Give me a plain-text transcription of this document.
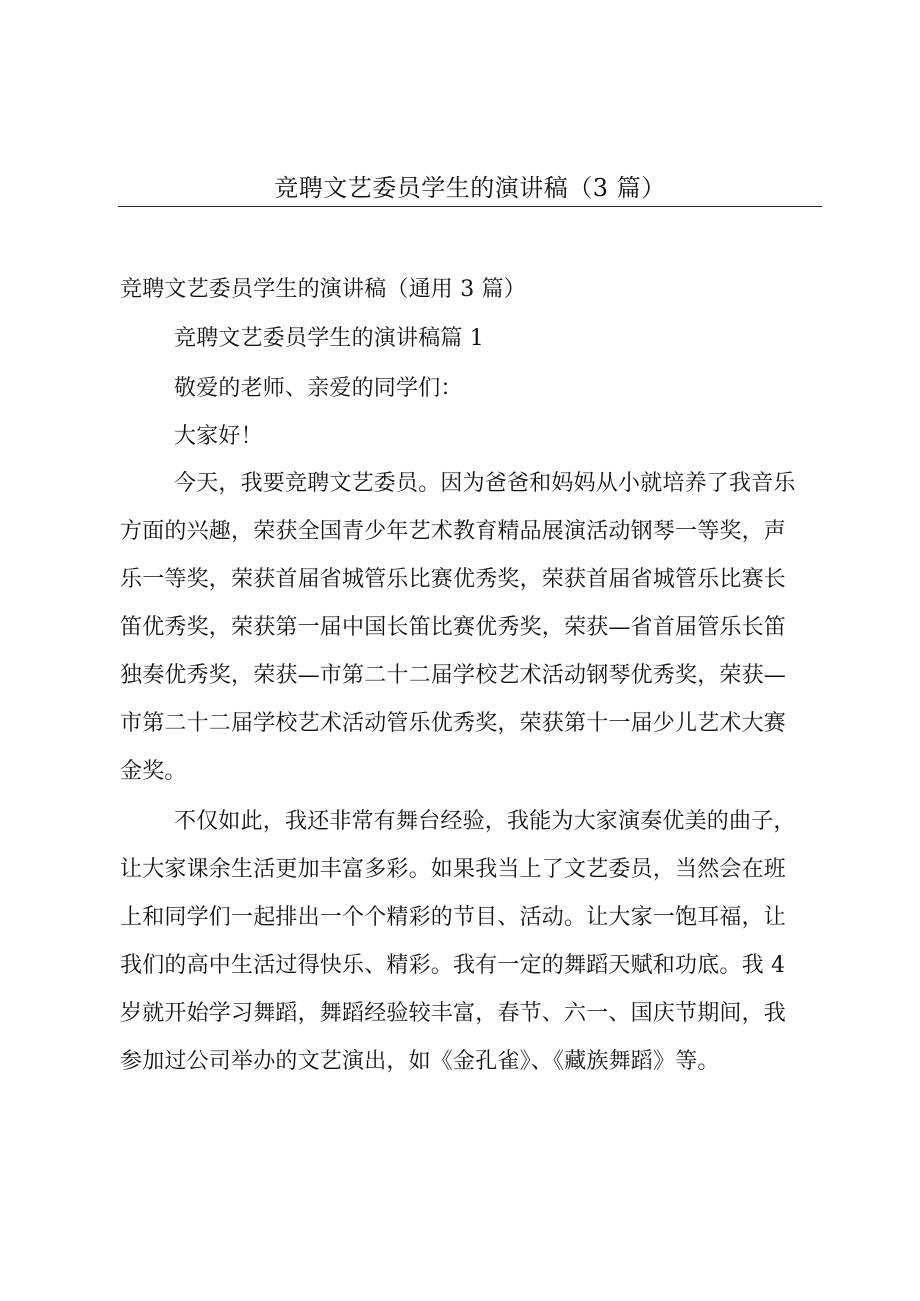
竞聘文艺委员学生的演讲稿（3 篇）
竞聘文艺委员学生的演讲稿（通用 3 篇）
竞聘文艺委员学生的演讲稿篇 1
敬爱的老师、亲爱的同学们：
大家好！
今天，我要竞聘文艺委员。因为爸爸和妈妈从小就培养了我音乐
方面的兴趣，荣获全国青少年艺术教育精品展演活动钢琴一等奖，声
乐一等奖，荣获首届省城管乐比赛优秀奖，荣获首届省城管乐比赛长
笛优秀奖，荣获第一届中国长笛比赛优秀奖，荣获—省首届管乐长笛
独奏优秀奖，荣获—市第二十二届学校艺术活动钢琴优秀奖，荣获—
市第二十二届学校艺术活动管乐优秀奖，荣获第十一届少儿艺术大赛
金奖。
不仅如此，我还非常有舞台经验，我能为大家演奏优美的曲子，
让大家课余生活更加丰富多彩。如果我当上了文艺委员，当然会在班
上和同学们一起排出一个个精彩的节目、活动。让大家一饱耳福，让
我们的高中生活过得快乐、精彩。我有一定的舞蹈天赋和功底。我 4
岁就开始学习舞蹈，舞蹈经验较丰富，春节、六一、国庆节期间，我
参加过公司举办的文艺演出，如《金孔雀》、《藏族舞蹈》等。
